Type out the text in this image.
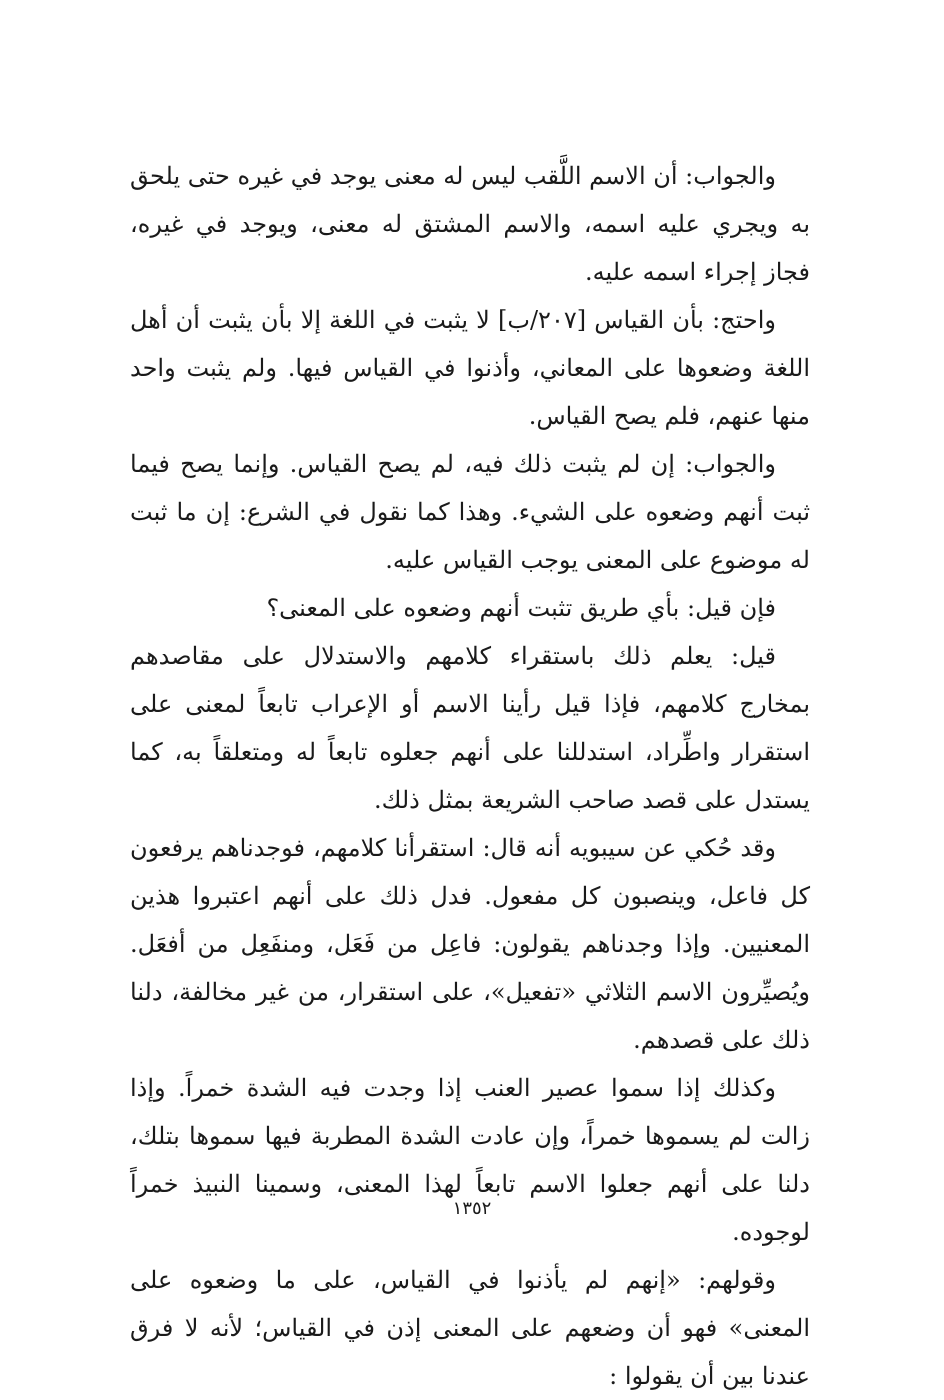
والجواب: أن الاسم اللَّقب ليس له معنى يوجد في غيره حتى يلحق به ويجري عليه اسمه، والاسم المشتق له معنى، ويوجد في غيره، فجاز إجراء اسمه عليه.

واحتج: بأن القياس [٢٠٧/ب] لا يثبت في اللغة إلا بأن يثبت أن أهل اللغة وضعوها على المعاني، وأذنوا في القياس فيها. ولم يثبت واحد منها عنهم، فلم يصح القياس.

والجواب: إن لم يثبت ذلك فيه، لم يصح القياس. وإنما يصح فيما ثبت أنهم وضعوه على الشيء. وهذا كما نقول في الشرع: إن ما ثبت له موضوع على المعنى يوجب القياس عليه.

فإن قيل: بأي طريق تثبت أنهم وضعوه على المعنى؟

قيل: يعلم ذلك باستقراء كلامهم والاستدلال على مقاصدهم بمخارج كلامهم، فإذا قيل رأينا الاسم أو الإعراب تابعاً لمعنى على استقرار واطِّراد، استدللنا على أنهم جعلوه تابعاً له ومتعلقاً به، كما يستدل على قصد صاحب الشريعة بمثل ذلك.

وقد حُكي عن سيبويه أنه قال: استقرأنا كلامهم، فوجدناهم يرفعون كل فاعل، وينصبون كل مفعول. فدل ذلك على أنهم اعتبروا هذين المعنيين. وإذا وجدناهم يقولون: فاعِل من فَعَل، ومنفَعِل من أفعَل. ويُصيِّرون الاسم الثلاثي «تفعيل»، على استقرار، من غير مخالفة، دلنا ذلك على قصدهم.

وكذلك إذا سموا عصير العنب إذا وجدت فيه الشدة خمراً. وإذا زالت لم يسموها خمراً، وإن عادت الشدة المطربة فيها سموها بتلك، دلنا على أنهم جعلوا الاسم تابعاً لهذا المعنى، وسمينا النبيذ خمراً لوجوده.

وقولهم: «إنهم لم يأذنوا في القياس، على ما وضعوه على المعنى» فهو أن وضعهم على المعنى إذن في القياس؛ لأنه لا فرق عندنا بين أن يقولوا :

١٣٥٢
